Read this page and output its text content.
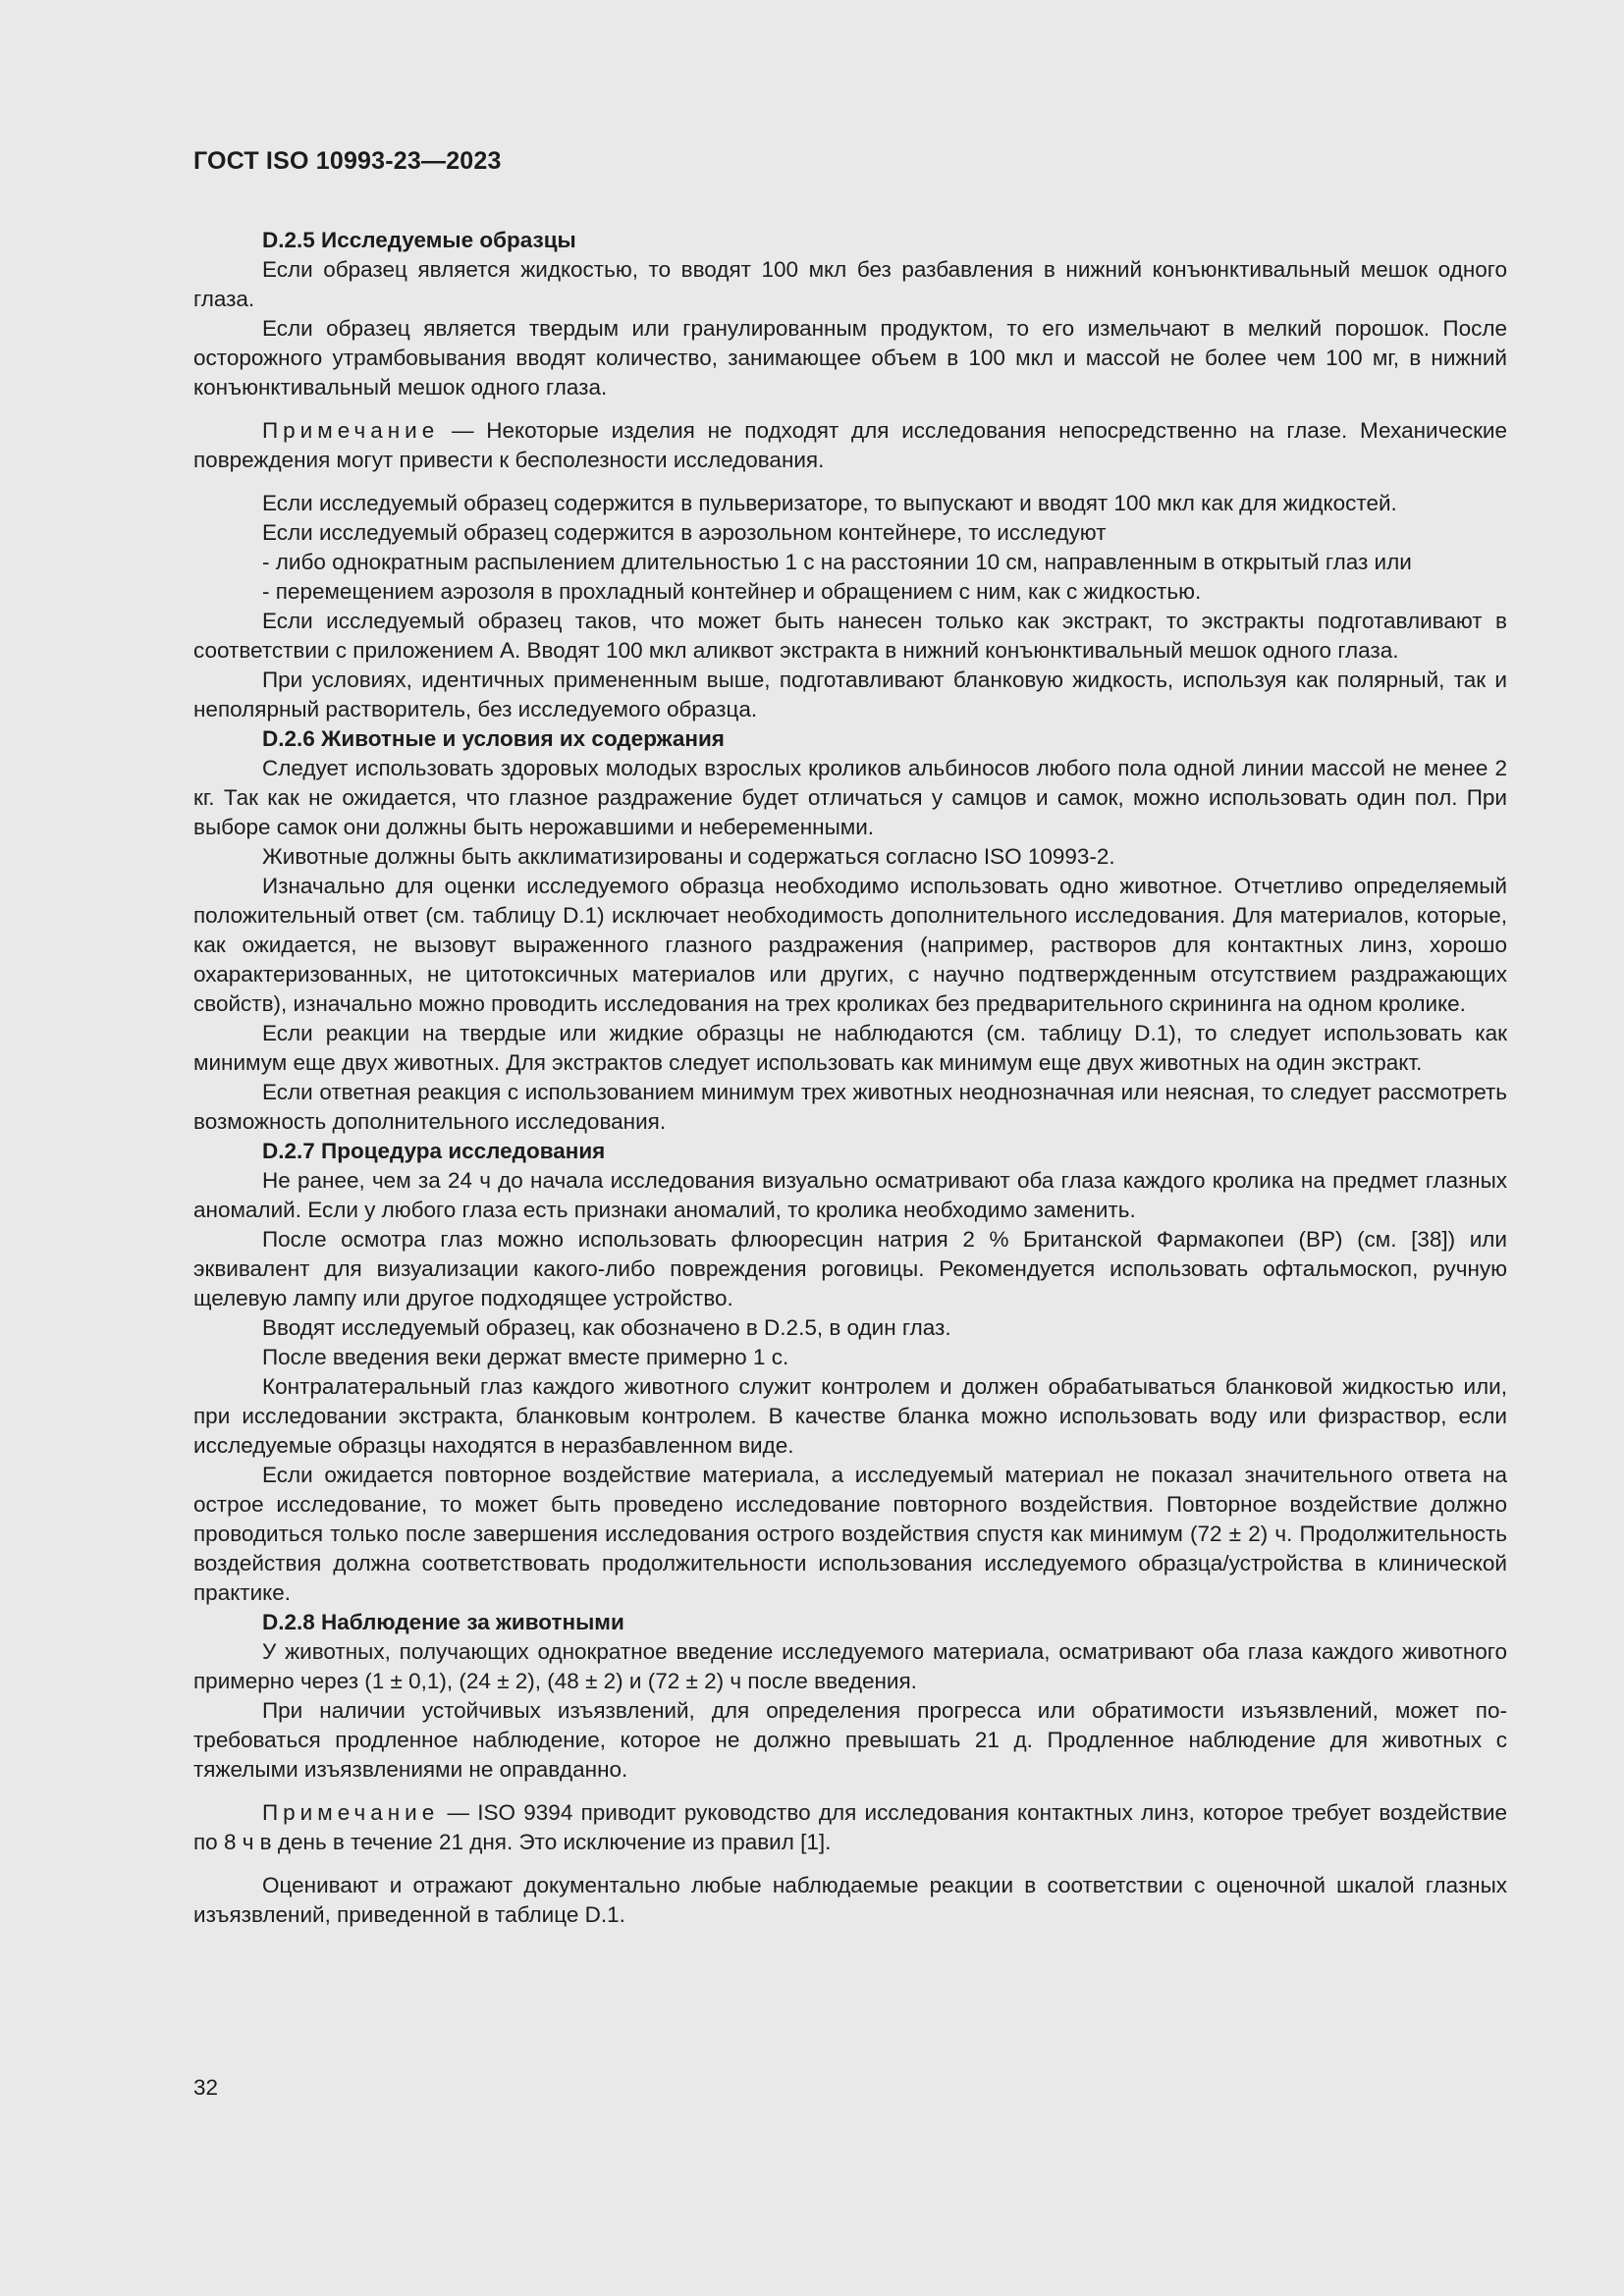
ГОСТ ISO 10993-23—2023
D.2.5 Исследуемые образцы

Если образец является жидкостью, то вводят 100 мкл без разбавления в нижний конъюнктивальный мешок одного глаза.

Если образец является твердым или гранулированным продуктом, то его измельчают в мелкий порошок. После осторожного утрамбовывания вводят количество, занимающее объем в 100 мкл и массой не более чем 100 мг, в нижний конъюнктивальный мешок одного глаза.

Примечание — Некоторые изделия не подходят для исследования непосредственно на глазе. Механические повреждения могут привести к бесполезности исследования.

Если исследуемый образец содержится в пульверизаторе, то выпускают и вводят 100 мкл как для жидкостей.

Если исследуемый образец содержится в аэрозольном контейнере, то исследуют

- либо однократным распылением длительностью 1 с на расстоянии 10 см, направленным в открытый глаз или

- перемещением аэрозоля в прохладный контейнер и обращением с ним, как с жидкостью.

Если исследуемый образец таков, что может быть нанесен только как экстракт, то экстракты подготавливают в соответствии с приложением А. Вводят 100 мкл аликвот экстракта в нижний конъюнктивальный мешок одного глаза.

При условиях, идентичных примененным выше, подготавливают бланковую жидкость, используя как полярный, так и неполярный растворитель, без исследуемого образца.

D.2.6 Животные и условия их содержания

Следует использовать здоровых молодых взрослых кроликов альбиносов любого пола одной линии массой не менее 2 кг. Так как не ожидается, что глазное раздражение будет отличаться у самцов и самок, можно использовать один пол. При выборе самок они должны быть нерожавшими и небеременными.

Животные должны быть акклиматизированы и содержаться согласно ISO 10993-2.

Изначально для оценки исследуемого образца необходимо использовать одно животное. Отчетливо определяемый положительный ответ (см. таблицу D.1) исключает необходимость дополнительного исследования. Для материалов, которые, как ожидается, не вызовут выраженного глазного раздражения (например, растворов для контактных линз, хорошо охарактеризованных, не цитотоксичных материалов или других, с научно подтвержденным отсутствием раздражающих свойств), изначально можно проводить исследования на трех кроликах без предварительного скрининга на одном кролике.

Если реакции на твердые или жидкие образцы не наблюдаются (см. таблицу D.1), то следует использовать как минимум еще двух животных. Для экстрактов следует использовать как минимум еще двух животных на один экстракт.

Если ответная реакция с использованием минимум трех животных неоднозначная или неясная, то следует рассмотреть возможность дополнительного исследования.

D.2.7 Процедура исследования

Не ранее, чем за 24 ч до начала исследования визуально осматривают оба глаза каждого кролика на предмет глазных аномалий. Если у любого глаза есть признаки аномалий, то кролика необходимо заменить.

После осмотра глаз можно использовать флюоресцин натрия 2 % Британской Фармакопеи (BP) (см. [38]) или эквивалент для визуализации какого-либо повреждения роговицы. Рекомендуется использовать офтальмоскоп, ручную щелевую лампу или другое подходящее устройство.

Вводят исследуемый образец, как обозначено в D.2.5, в один глаз.

После введения веки держат вместе примерно 1 с.

Контралатеральный глаз каждого животного служит контролем и должен обрабатываться бланковой жидкостью или, при исследовании экстракта, бланковым контролем. В качестве бланка можно использовать воду или физраствор, если исследуемые образцы находятся в неразбавленном виде.

Если ожидается повторное воздействие материала, а исследуемый материал не показал значительного ответа на острое исследование, то может быть проведено исследование повторного воздействия. Повторное воздействие должно проводиться только после завершения исследования острого воздействия спустя как минимум (72 ± 2) ч. Продолжительность воздействия должна соответствовать продолжительности использования исследуемого образца/устройства в клинической практике.

D.2.8 Наблюдение за животными

У животных, получающих однократное введение исследуемого материала, осматривают оба глаза каждого животного примерно через (1 ± 0,1), (24 ± 2), (48 ± 2) и (72 ± 2) ч после введения.

При наличии устойчивых изъязвлений, для определения прогресса или обратимости изъязвлений, может потребоваться продленное наблюдение, которое не должно превышать 21 д. Продленное наблюдение для животных с тяжелыми изъязвлениями не оправданно.

Примечание — ISO 9394 приводит руководство для исследования контактных линз, которое требует воздействие по 8 ч в день в течение 21 дня. Это исключение из правил [1].

Оценивают и отражают документально любые наблюдаемые реакции в соответствии с оценочной шкалой глазных изъязвлений, приведенной в таблице D.1.

32
